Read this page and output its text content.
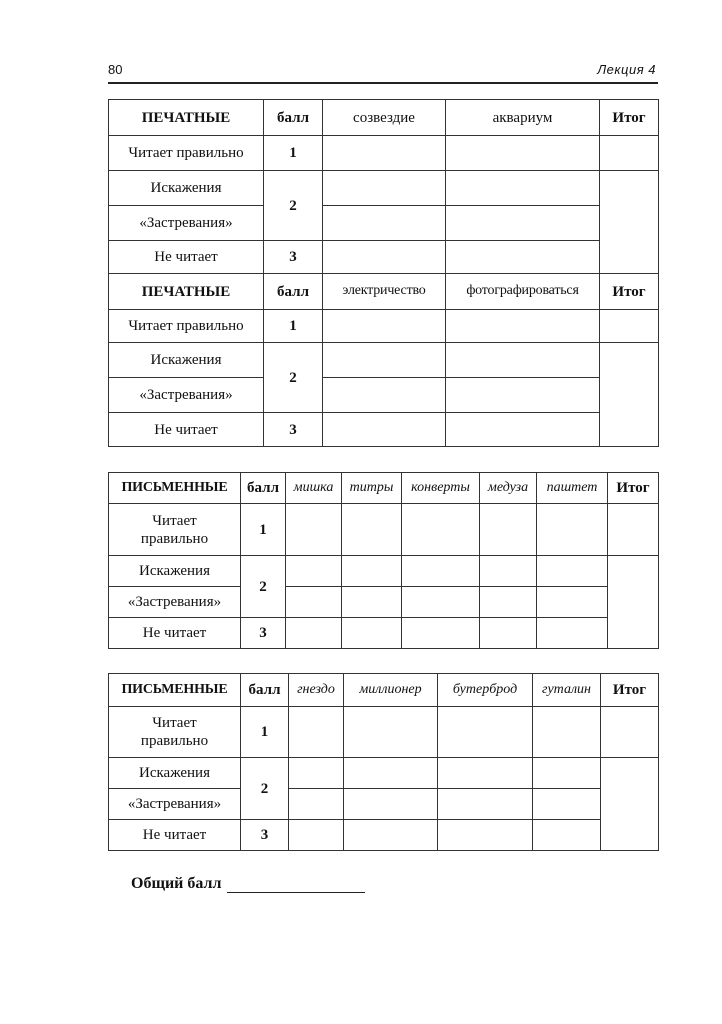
80	Лекция 4
ПЕЧАТНЫЕ	балл	созвездие	аквариум	Итог
Читает правильно	1			
Искажения	2			
«Застревания»				
Не читает	3			
ПЕЧАТНЫЕ	балл	электричество	фотографироваться	Итог
Читает правильно	1			
Искажения	2			
«Застревания»				
Не читает	3			
ПИСЬМЕННЫЕ	балл	мишка	титры	конверты	медуза	паштет	Итог
Читает
правильно	1						
Искажения	2						
«Застревания»							
Не читает	3						
ПИСЬМЕННЫЕ	балл	гнездо	миллионер	бутерброд	гуталин	Итог
Читает
правильно	1					
Искажения	2					
«Застревания»						
Не читает	3					
Общий балл
